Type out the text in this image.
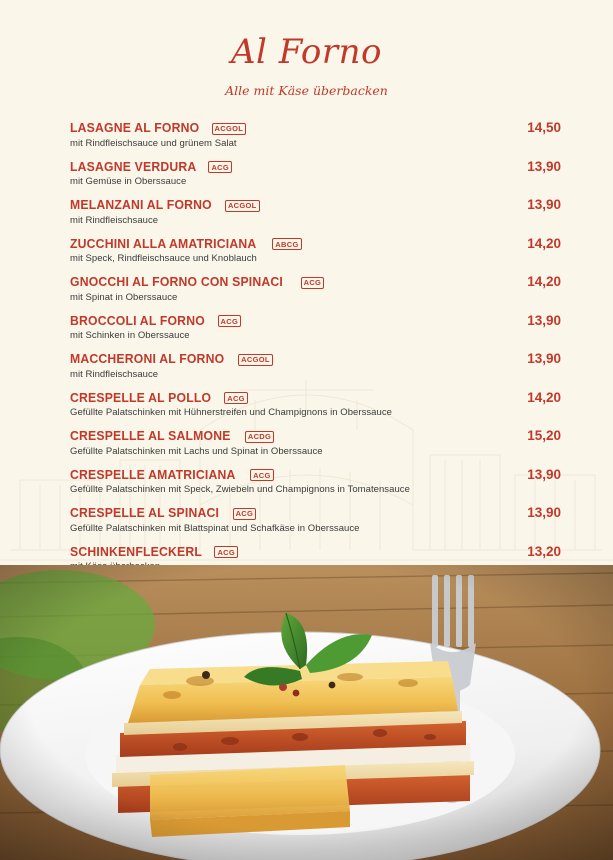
Al Forno
Alle mit Käse überbacken
LASAGNE AL FORNO	ACGOL	14,50
mit Rindfleischsauce und grünem Salat
LASAGNE VERDURA	ACG	13,90
mit Gemüse in Oberssauce
MELANZANI AL FORNO	ACGOL	13,90
mit Rindfleischsauce
ZUCCHINI ALLA AMATRICIANA	ABCG	14,20
mit Speck, Rindfleischsauce und Knoblauch
GNOCCHI AL FORNO CON SPINACI	ACG	14,20
mit Spinat in Oberssauce
BROCCOLI AL FORNO	ACG	13,90
mit Schinken in Oberssauce
MACCHERONI AL FORNO	ACGOL	13,90
mit Rindfleischsauce
CRESPELLE AL POLLO	ACG	14,20
Gefüllte Palatschinken mit Hühnerstreifen und Champignons in Oberssauce
CRESPELLE AL SALMONE	ACDG	15,20
Gefüllte Palatschinken mit Lachs und Spinat in Oberssauce
CRESPELLE AMATRICIANA	ACG	13,90
Gefüllte Palatschinken mit Speck, Zwiebeln und Champignons in Tomatensauce
CRESPELLE AL SPINACI	ACG	13,90
Gefüllte Palatschinken mit Blattspinat und Schafkäse in Oberssauce
SCHINKENFLECKERL	ACG	13,20
